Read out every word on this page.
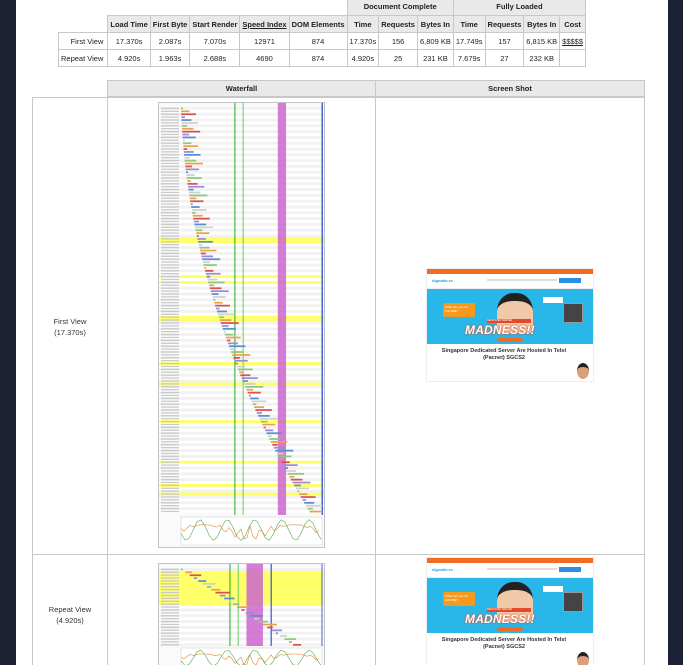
						Document Complete			Fully Loaded			
	Load Time	First Byte	Start Render	Speed Index	DOM Elements	Time	Requests	Bytes In	Time	Requests	Bytes In	Cost
First View	17.370s	2.087s	7.070s	12971	874	17.370s	156	6,809 KB	17.749s	157	6,815 KB	$$$$$
Repeat View	4.920s	1.963s	2.688s	4690	874	4.920s	25	231 KB	7.679s	27	232 KB	
Waterfall	Screen Shot
First View
(17.370s)
Repeat View
(4.920s)
dignatio.ec
What can you do with $$$?
DEDICATED SERVER
MADNESS!!
Singapore Dedicated Server Are Hosted In Telst (Pacnet) SGCS2
dignatio.ec
What can you do with $$$?
DEDICATED SERVER
MADNESS!!
Singapore Dedicated Server Are Hosted In Telst (Pacnet) SGCS2
